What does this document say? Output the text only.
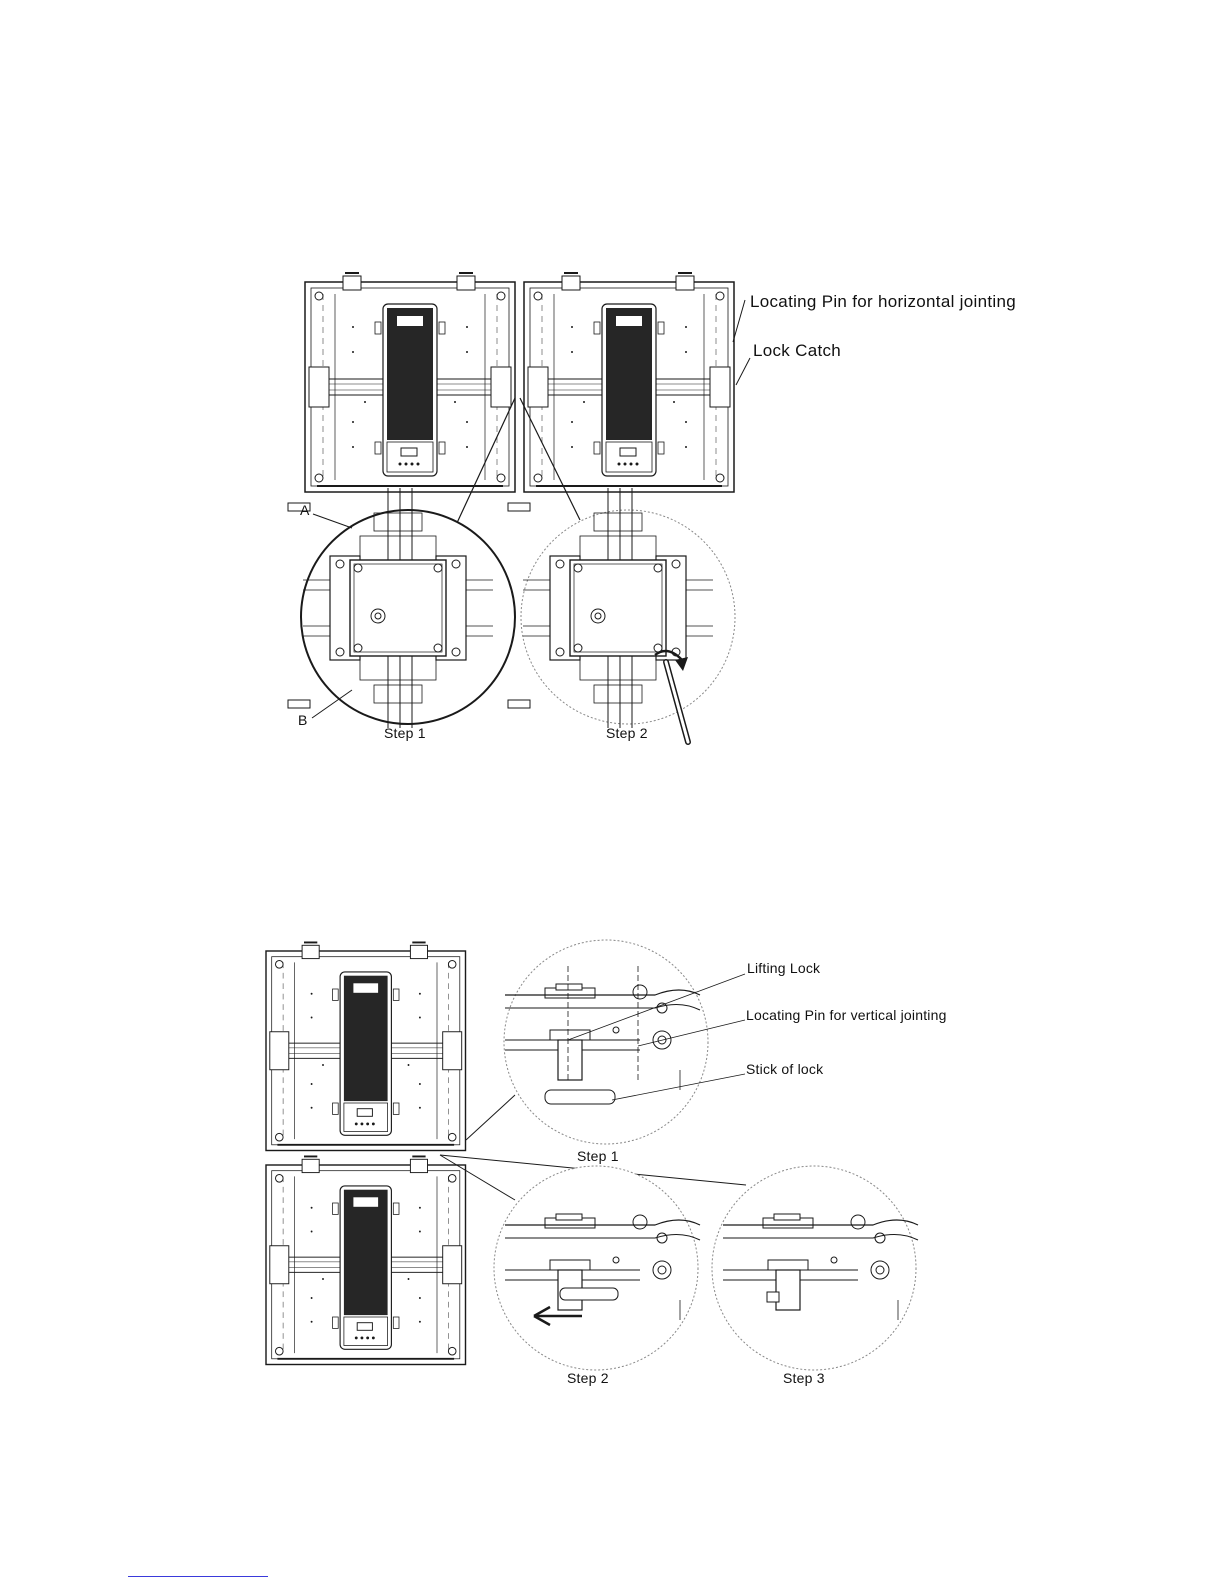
Locating Pin for horizontal jointing
Lock Catch
A
B
Step 1	Step 2
Lifting Lock
Locating Pin for vertical jointing
Stick of lock
Step 1
Step 2	Step 3
